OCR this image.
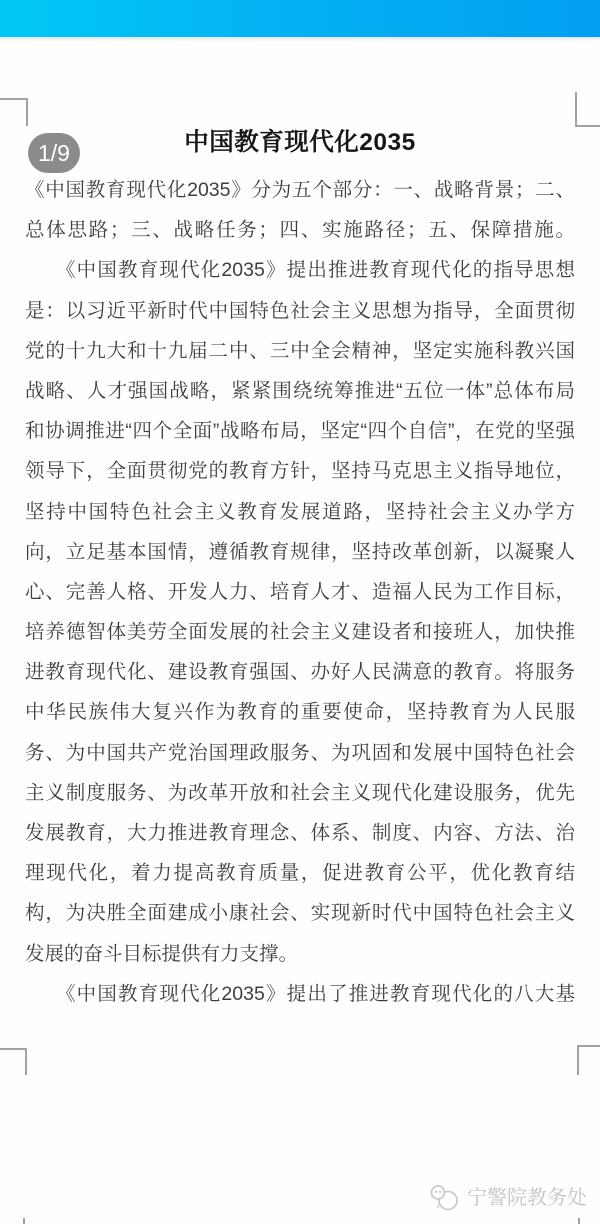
1/9	中国教育现代化2035
《中国教育现代化2035》分为五个部分：一、战略背景；二、
总体思路；三、战略任务；四、实施路径；五、保障措施。
《中国教育现代化2035》提出推进教育现代化的指导思想
是：以习近平新时代中国特色社会主义思想为指导，全面贯彻
党的十九大和十九届二中、三中全会精神，坚定实施科教兴国
战略、人才强国战略，紧紧围绕统筹推进“五位一体”总体布局
和协调推进“四个全面”战略布局，坚定“四个自信”，在党的坚强
领导下，全面贯彻党的教育方针，坚持马克思主义指导地位，
坚持中国特色社会主义教育发展道路，坚持社会主义办学方
向，立足基本国情，遵循教育规律，坚持改革创新，以凝聚人
心、完善人格、开发人力、培育人才、造福人民为工作目标，
培养德智体美劳全面发展的社会主义建设者和接班人，加快推
进教育现代化、建设教育强国、办好人民满意的教育。将服务
中华民族伟大复兴作为教育的重要使命，坚持教育为人民服
务、为中国共产党治国理政服务、为巩固和发展中国特色社会
主义制度服务、为改革开放和社会主义现代化建设服务，优先
发展教育，大力推进教育理念、体系、制度、内容、方法、治
理现代化，着力提高教育质量，促进教育公平，优化教育结
构，为决胜全面建成小康社会、实现新时代中国特色社会主义
发展的奋斗目标提供有力支撑。
《中国教育现代化2035》提出了推进教育现代化的八大基
宁警院教务处
